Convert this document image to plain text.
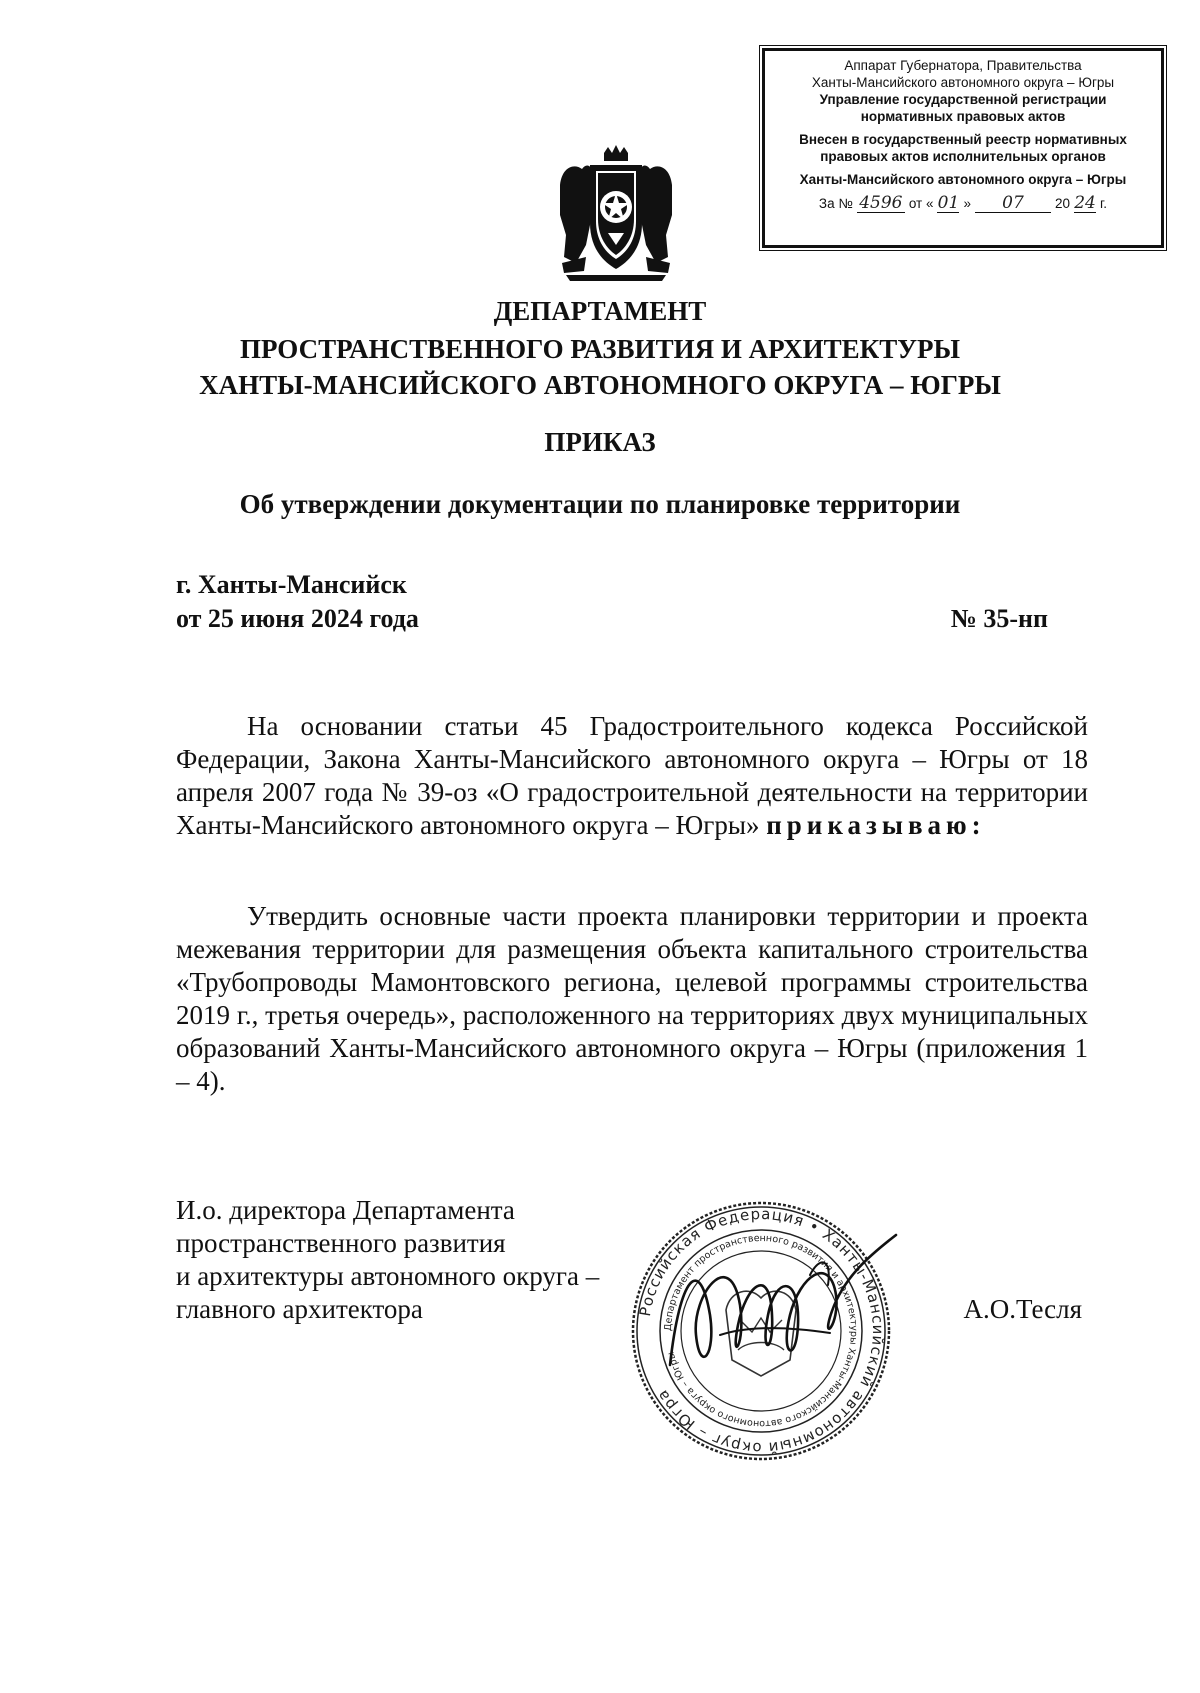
Аппарат Губернатора, Правительства
Ханты-Мансийского автономного округа – Югры
Управление государственной регистрации
нормативных правовых актов
Внесен в государственный реестр нормативных
правовых актов исполнительных органов
Ханты-Мансийского автономного округа – Югры
За № 4596 от « 01 »	07	20 24 г.
ДЕПАРТАМЕНТ
ПРОСТРАНСТВЕННОГО РАЗВИТИЯ И АРХИТЕКТУРЫ
ХАНТЫ-МАНСИЙСКОГО АВТОНОМНОГО ОКРУГА – ЮГРЫ
ПРИКАЗ
Об утверждении документации по планировке территории
г. Ханты-Мансийск
от 25 июня 2024 года	№ 35-нп
На основании статьи 45 Градостроительного кодекса Российской Федерации, Закона Ханты-Мансийского автономного округа – Югры от 18 апреля 2007 года № 39-оз «О градостроительной деятельности на территории Ханты-Мансийского автономного округа – Югры» приказываю:
Утвердить основные части проекта планировки территории и проекта межевания территории для размещения объекта капитального строительства «Трубопроводы Мамонтовского региона, целевой программы строительства 2019 г., третья очередь», расположенного на территориях двух муниципальных образований Ханты-Мансийского автономного округа – Югры (приложения 1 – 4).
И.о. директора Департамента
пространственного развития
и архитектуры автономного округа –
главного архитектора	Российская Федерация • Ханты-Мансийский автономный округ – Югра
Департамент пространственного развития и архитектуры Ханты-Мансийского автономного округа – Югры
А.О.Тесля
